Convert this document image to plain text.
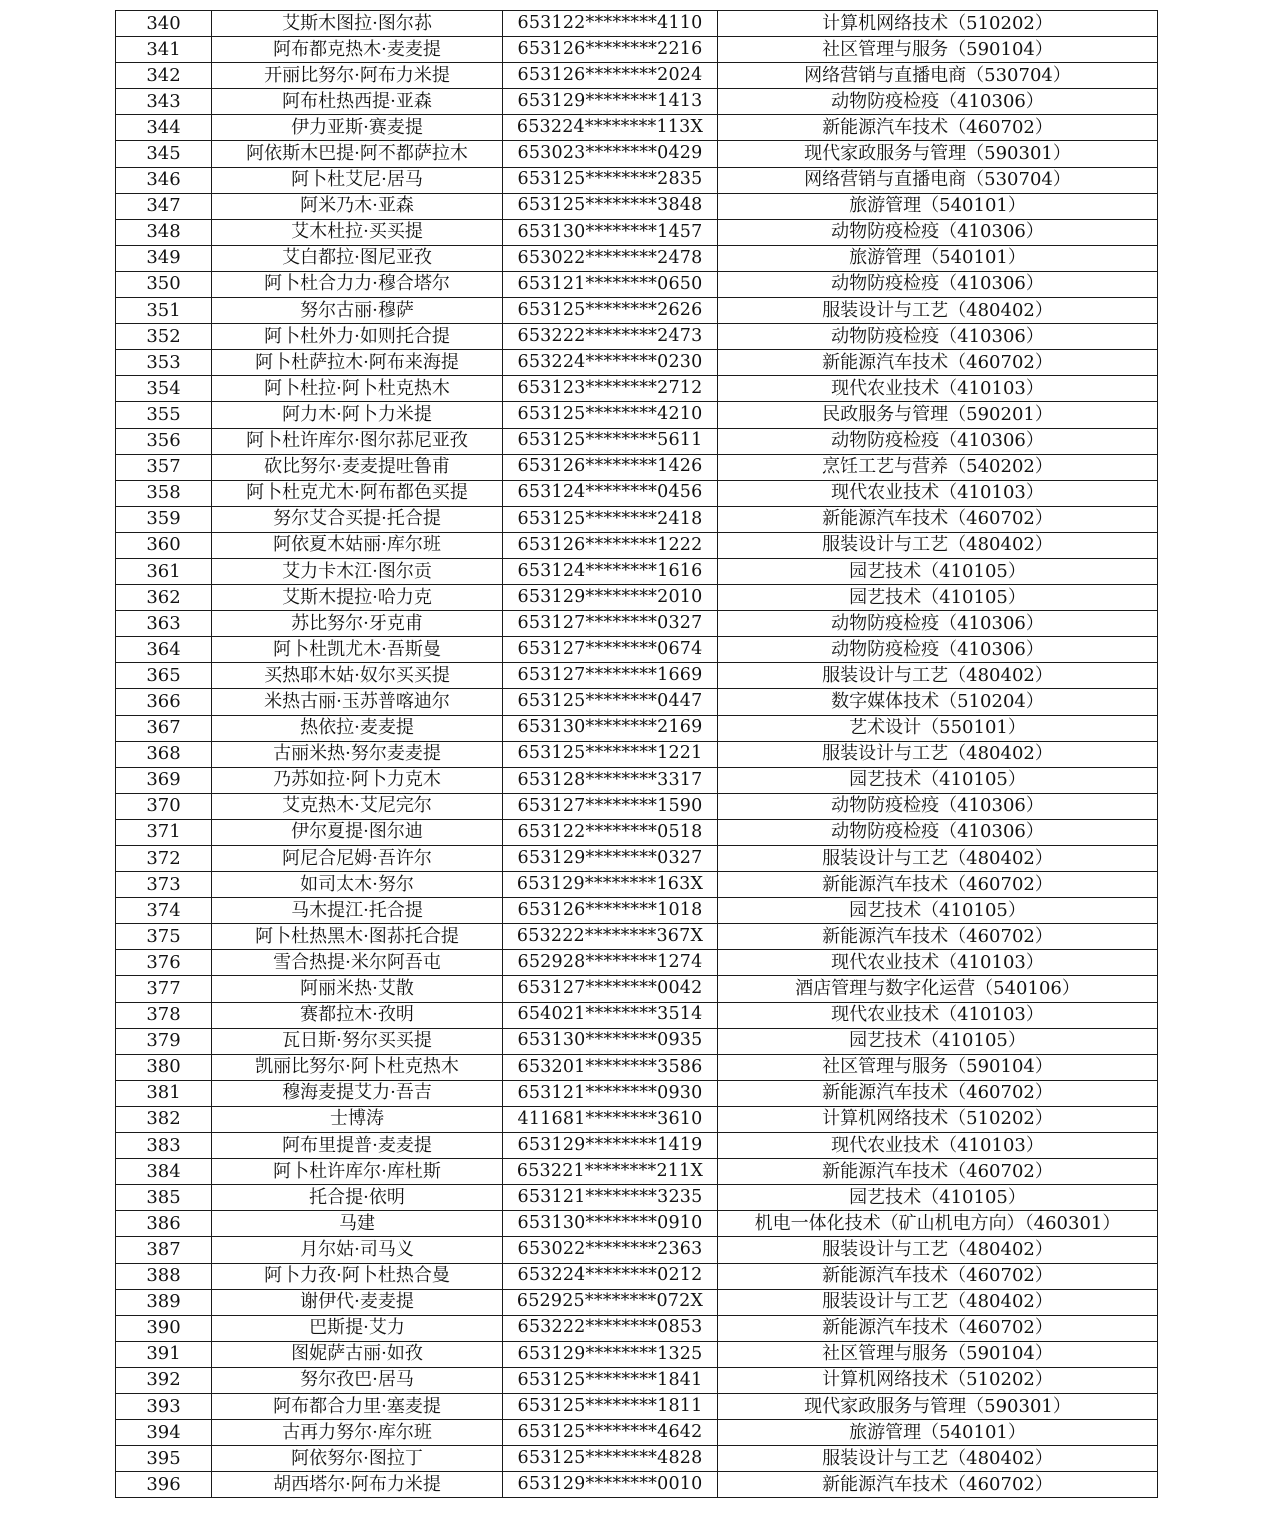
340	艾斯木图拉·图尔荪	653122********4110	计算机网络技术（510202）
341	阿布都克热木·麦麦提	653126********2216	社区管理与服务（590104）
342	开丽比努尔·阿布力米提	653126********2024	网络营销与直播电商（530704）
343	阿布杜热西提·亚森	653129********1413	动物防疫检疫（410306）
344	伊力亚斯·赛麦提	653224********113X	新能源汽车技术（460702）
345	阿依斯木巴提·阿不都萨拉木	653023********0429	现代家政服务与管理（590301）
346	阿卜杜艾尼·居马	653125********2835	网络营销与直播电商（530704）
347	阿米乃木·亚森	653125********3848	旅游管理（540101）
348	艾木杜拉·买买提	653130********1457	动物防疫检疫（410306）
349	艾白都拉·图尼亚孜	653022********2478	旅游管理（540101）
350	阿卜杜合力力·穆合塔尔	653121********0650	动物防疫检疫（410306）
351	努尔古丽·穆萨	653125********2626	服装设计与工艺（480402）
352	阿卜杜外力·如则托合提	653222********2473	动物防疫检疫（410306）
353	阿卜杜萨拉木·阿布来海提	653224********0230	新能源汽车技术（460702）
354	阿卜杜拉·阿卜杜克热木	653123********2712	现代农业技术（410103）
355	阿力木·阿卜力米提	653125********4210	民政服务与管理（590201）
356	阿卜杜许库尔·图尔荪尼亚孜	653125********5611	动物防疫检疫（410306）
357	砍比努尔·麦麦提吐鲁甫	653126********1426	烹饪工艺与营养（540202）
358	阿卜杜克尤木·阿布都色买提	653124********0456	现代农业技术（410103）
359	努尔艾合买提·托合提	653125********2418	新能源汽车技术（460702）
360	阿依夏木姑丽·库尔班	653126********1222	服装设计与工艺（480402）
361	艾力卡木江·图尔贡	653124********1616	园艺技术（410105）
362	艾斯木提拉·哈力克	653129********2010	园艺技术（410105）
363	苏比努尔·牙克甫	653127********0327	动物防疫检疫（410306）
364	阿卜杜凯尤木·吾斯曼	653127********0674	动物防疫检疫（410306）
365	买热耶木姑·奴尔买买提	653127********1669	服装设计与工艺（480402）
366	米热古丽·玉苏普喀迪尔	653125********0447	数字媒体技术（510204）
367	热依拉·麦麦提	653130********2169	艺术设计（550101）
368	古丽米热·努尔麦麦提	653125********1221	服装设计与工艺（480402）
369	乃苏如拉·阿卜力克木	653128********3317	园艺技术（410105）
370	艾克热木·艾尼完尔	653127********1590	动物防疫检疫（410306）
371	伊尔夏提·图尔迪	653122********0518	动物防疫检疫（410306）
372	阿尼合尼姆·吾许尔	653129********0327	服装设计与工艺（480402）
373	如司太木·努尔	653129********163X	新能源汽车技术（460702）
374	马木提江·托合提	653126********1018	园艺技术（410105）
375	阿卜杜热黑木·图荪托合提	653222********367X	新能源汽车技术（460702）
376	雪合热提·米尔阿吾屯	652928********1274	现代农业技术（410103）
377	阿丽米热·艾散	653127********0042	酒店管理与数字化运营（540106）
378	赛都拉木·孜明	654021********3514	现代农业技术（410103）
379	瓦日斯·努尔买买提	653130********0935	园艺技术（410105）
380	凯丽比努尔·阿卜杜克热木	653201********3586	社区管理与服务（590104）
381	穆海麦提艾力·吾吉	653121********0930	新能源汽车技术（460702）
382	士博涛	411681********3610	计算机网络技术（510202）
383	阿布里提普·麦麦提	653129********1419	现代农业技术（410103）
384	阿卜杜许库尔·库杜斯	653221********211X	新能源汽车技术（460702）
385	托合提·依明	653121********3235	园艺技术（410105）
386	马建	653130********0910	机电一体化技术（矿山机电方向）（460301）
387	月尔姑·司马义	653022********2363	服装设计与工艺（480402）
388	阿卜力孜·阿卜杜热合曼	653224********0212	新能源汽车技术（460702）
389	谢伊代·麦麦提	652925********072X	服装设计与工艺（480402）
390	巴斯提·艾力	653222********0853	新能源汽车技术（460702）
391	图妮萨古丽·如孜	653129********1325	社区管理与服务（590104）
392	努尔孜巴·居马	653125********1841	计算机网络技术（510202）
393	阿布都合力里·塞麦提	653125********1811	现代家政服务与管理（590301）
394	古再力努尔·库尔班	653125********4642	旅游管理（540101）
395	阿依努尔·图拉丁	653125********4828	服装设计与工艺（480402）
396	胡西塔尔·阿布力米提	653129********0010	新能源汽车技术（460702）
